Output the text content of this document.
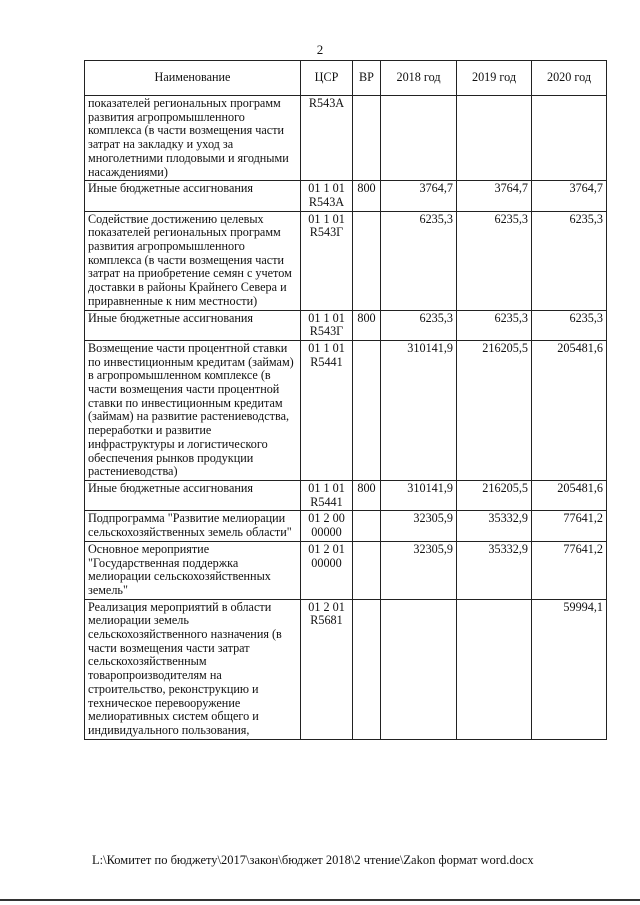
2
Наименование	ЦСР	ВР	2018 год	2019 год	2020 год
показателей региональных программ развития агропромышленного комплекса (в части возмещения части затрат на закладку и уход за многолетними плодовыми и ягодными насаждениями)	R543А				
Иные бюджетные ассигнования	01 1 01 R543А	800	3764,7	3764,7	3764,7
Содействие достижению целевых показателей региональных программ развития агропромышленного комплекса (в части возмещения части затрат на приобретение семян с учетом доставки в районы Крайнего Севера и приравненные к ним местности)	01 1 01 R543Г		6235,3	6235,3	6235,3
Иные бюджетные ассигнования	01 1 01 R543Г	800	6235,3	6235,3	6235,3
Возмещение части процентной ставки по инвестиционным кредитам (займам) в агропромышленном комплексе (в части возмещения части процентной ставки по инвестиционным кредитам (займам) на развитие растениеводства, переработки и развитие инфраструктуры и логистического обеспечения рынков продукции растениеводства)	01 1 01 R5441		310141,9	216205,5	205481,6
Иные бюджетные ассигнования	01 1 01 R5441	800	310141,9	216205,5	205481,6
Подпрограмма "Развитие мелиорации сельскохозяйственных земель области"	01 2 00 00000		32305,9	35332,9	77641,2
Основное мероприятие "Государственная поддержка мелиорации сельскохозяйственных земель"	01 2 01 00000		32305,9	35332,9	77641,2
Реализация мероприятий в области мелиорации земель сельскохозяйственного назначения (в части возмещения части затрат сельскохозяйственным товаропроизводителям на строительство, реконструкцию и техническое перевооружение мелиоративных систем общего и индивидуального пользования,	01 2 01 R5681				59994,1
L:\Комитет по бюджету\2017\закон\бюджет 2018\2 чтение\Zakon формат word.docx
